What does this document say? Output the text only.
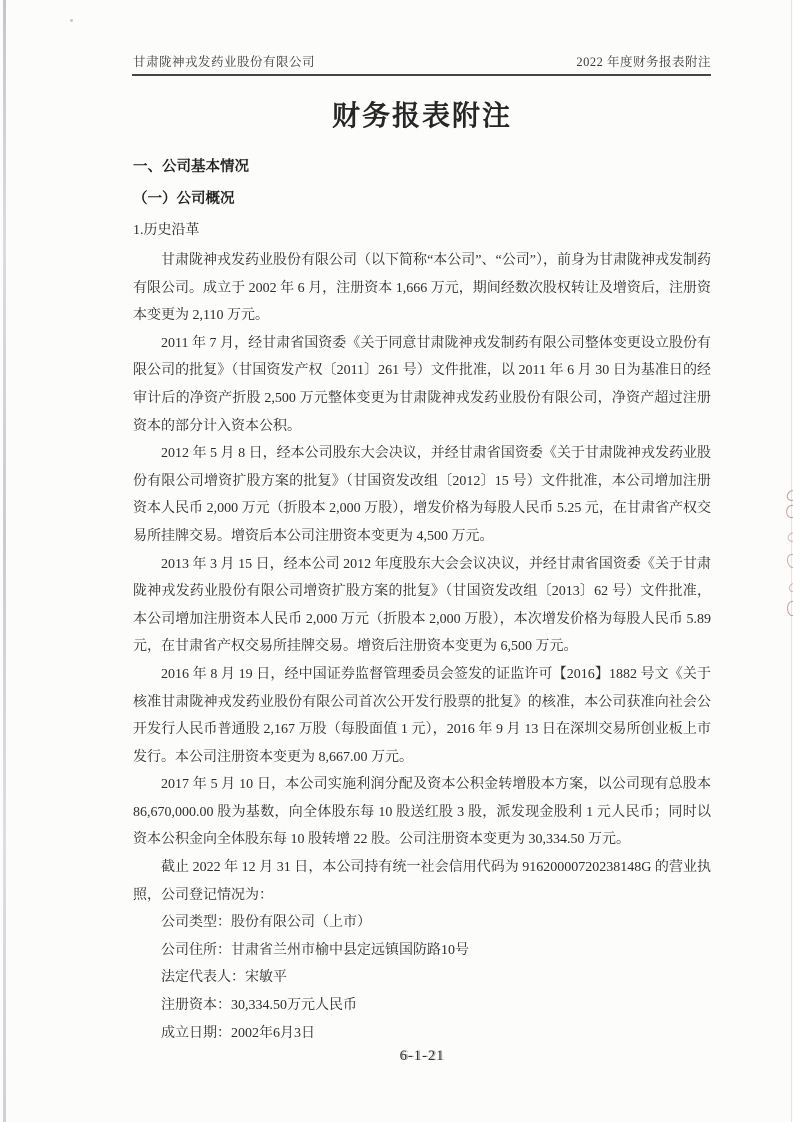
甘肃陇神戎发药业股份有限公司	2022 年度财务报表附注
财务报表附注
一、公司基本情况
（一）公司概况
1.历史沿革

甘肃陇神戎发药业股份有限公司（以下简称“本公司”、“公司”），前身为甘肃陇神戎发制药有限公司。成立于 2002 年 6 月，注册资本 1,666 万元，期间经数次股权转让及增资后，注册资本变更为 2,110 万元。

2011 年 7 月，经甘肃省国资委《关于同意甘肃陇神戎发制药有限公司整体变更设立股份有限公司的批复》（甘国资发产权〔2011〕261 号）文件批准，以 2011 年 6 月 30 日为基准日的经审计后的净资产折股 2,500 万元整体变更为甘肃陇神戎发药业股份有限公司，净资产超过注册资本的部分计入资本公积。

2012 年 5 月 8 日，经本公司股东大会决议，并经甘肃省国资委《关于甘肃陇神戎发药业股份有限公司增资扩股方案的批复》（甘国资发改组〔2012〕15 号）文件批准，本公司增加注册资本人民币 2,000 万元（折股本 2,000 万股），增发价格为每股人民币 5.25 元，在甘肃省产权交易所挂牌交易。增资后本公司注册资本变更为 4,500 万元。

2013 年 3 月 15 日，经本公司 2012 年度股东大会会议决议，并经甘肃省国资委《关于甘肃陇神戎发药业股份有限公司增资扩股方案的批复》（甘国资发改组〔2013〕62 号）文件批准，本公司增加注册资本人民币 2,000 万元（折股本 2,000 万股），本次增发价格为每股人民币 5.89 元，在甘肃省产权交易所挂牌交易。增资后注册资本变更为 6,500 万元。

2016 年 8 月 19 日，经中国证券监督管理委员会签发的证监许可【2016】1882 号文《关于核准甘肃陇神戎发药业股份有限公司首次公开发行股票的批复》的核准，本公司获准向社会公开发行人民币普通股 2,167 万股（每股面值 1 元），2016 年 9 月 13 日在深圳交易所创业板上市发行。本公司注册资本变更为 8,667.00 万元。

2017 年 5 月 10 日，本公司实施利润分配及资本公积金转增股本方案，以公司现有总股本 86,670,000.00 股为基数，向全体股东每 10 股送红股 3 股，派发现金股利 1 元人民币；同时以资本公积金向全体股东每 10 股转增 22 股。公司注册资本变更为 30,334.50 万元。

截止 2022 年 12 月 31 日，本公司持有统一社会信用代码为 91620000720238148G 的营业执照，公司登记情况为：

公司类型：股份有限公司（上市）
公司住所：甘肃省兰州市榆中县定远镇国防路10号
法定代表人：宋敏平
注册资本：30,334.50万元人民币
成立日期：2002年6月3日
6-1-21
